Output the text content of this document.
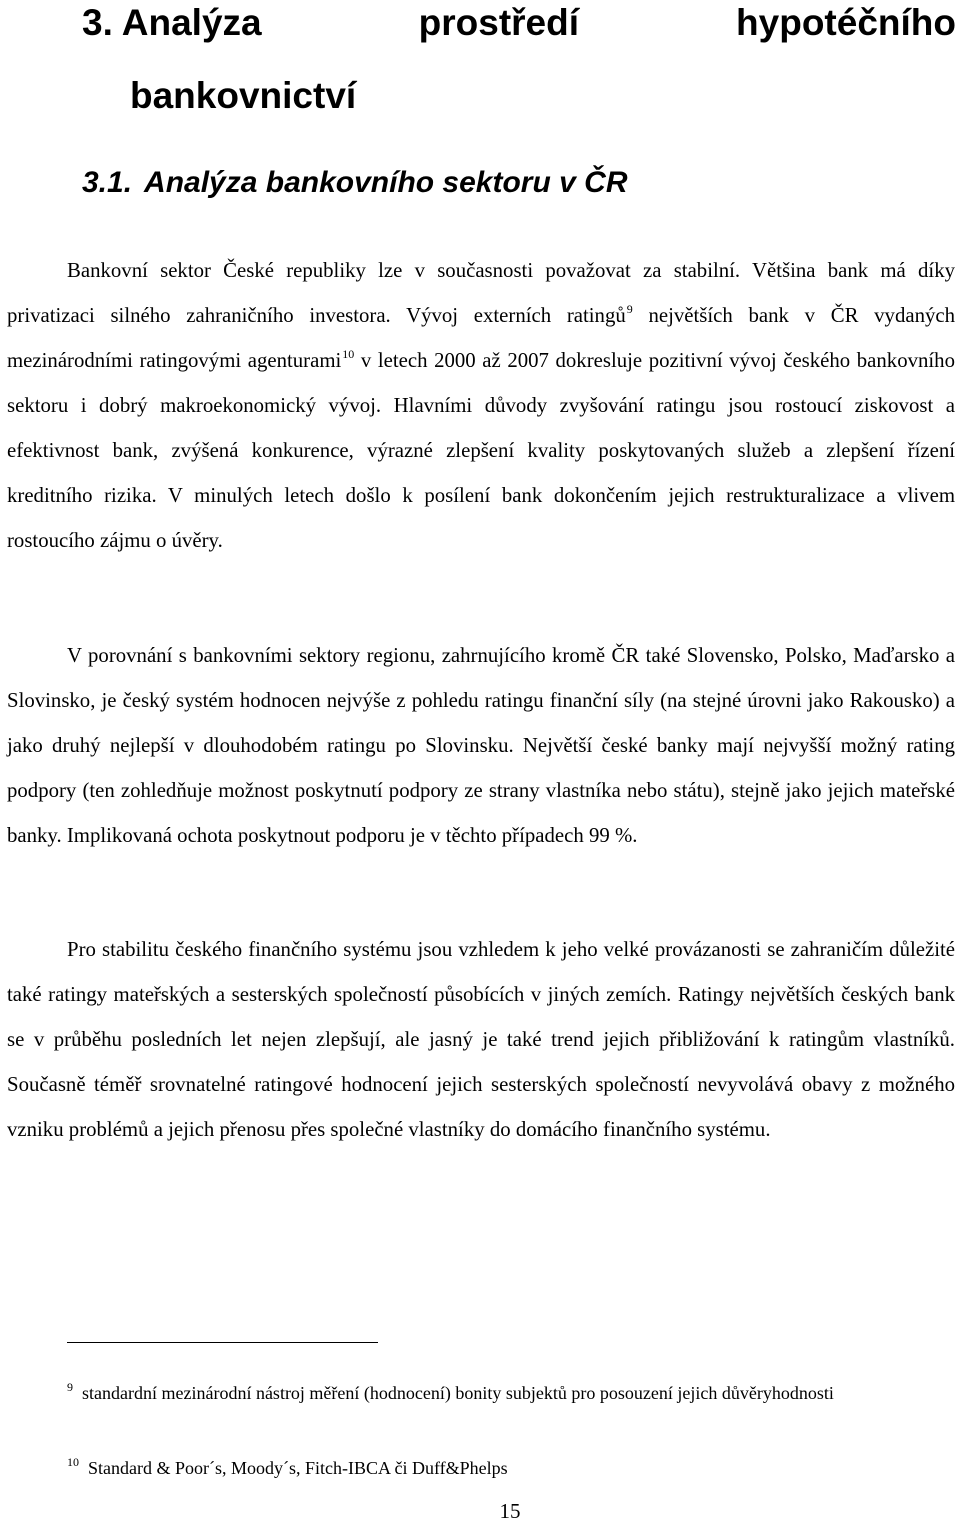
3. Analýza	prostředí	hypotéčního
bankovnictví
3.1. Analýza bankovního sektoru v ČR

Bankovní sektor České republiky lze v současnosti považovat za stabilní. Většina bank má díky privatizaci silného zahraničního investora. Vývoj externích ratingů$^9$ největších bank v ČR vydaných mezinárodními ratingovými agenturami$^{10}$ v letech 2000 až 2007 dokresluje pozitivní vývoj českého bankovního sektoru i dobrý makroekonomický vývoj. Hlavními důvody zvyšování ratingu jsou rostoucí ziskovost a efektivnost bank, zvýšená konkurence, výrazné zlepšení kvality poskytovaných služeb a zlepšení řízení kreditního rizika. V minulých letech došlo k posílení bank dokončením jejich restrukturalizace a vlivem rostoucího zájmu o úvěry.

V porovnání s bankovními sektory regionu, zahrnujícího kromě ČR také Slovensko, Polsko, Maďarsko a Slovinsko, je český systém hodnocen nejvýše z pohledu ratingu finanční síly (na stejné úrovni jako Rakousko) a jako druhý nejlepší v dlouhodobém ratingu po Slovinsku. Největší české banky mají nejvyšší možný rating podpory (ten zohledňuje možnost poskytnutí podpory ze strany vlastníka nebo státu), stejně jako jejich mateřské banky. Implikovaná ochota poskytnout podporu je v těchto případech 99 %.

Pro stabilitu českého finančního systému jsou vzhledem k jeho velké provázanosti se zahraničím důležité také ratingy mateřských a sesterských společností působících v jiných zemích. Ratingy největších českých bank se v průběhu posledních let nejen zlepšují, ale jasný je také trend jejich přibližování k ratingům vlastníků. Současně téměř srovnatelné ratingové hodnocení jejich sesterských společností nevyvolává obavy z možného vzniku problémů a jejich přenosu přes společné vlastníky do domácího finančního systému.

$^9$ standardní mezinárodní nástroj měření (hodnocení) bonity subjektů pro posouzení jejich důvěryhodnosti

$^{10}$ Standard & Poor´s, Moody´s, Fitch-IBCA či Duff&Phelps

15
